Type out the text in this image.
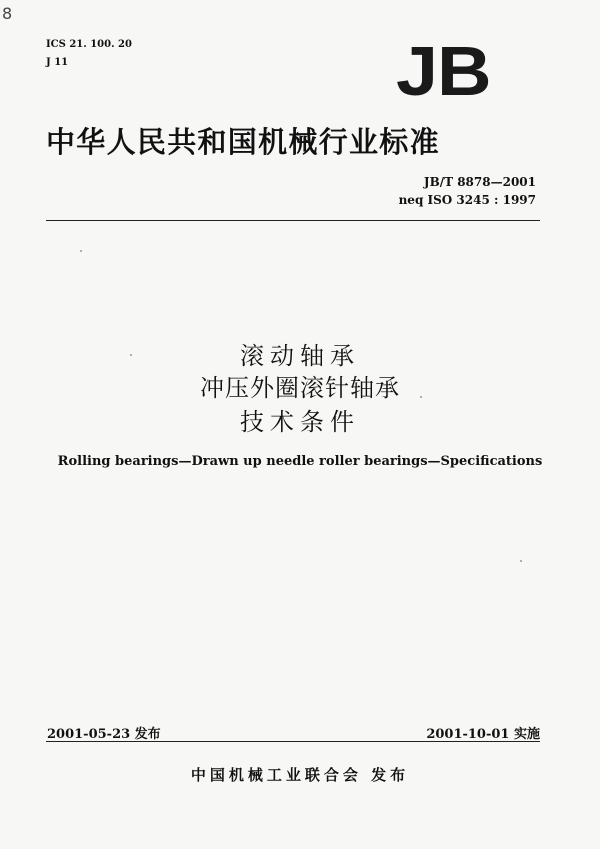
8
ICS 21. 100. 20
J 11	JB
中华人民共和国机械行业标准
JB/T 8878—2001
neq ISO 3245 : 1997
滚动轴承
冲压外圈滚针轴承
技术条件
Rolling bearings—Drawn up needle roller bearings—Specifications
2001-05-23 发布	2001-10-01 实施
中国机械工业联合会 发布
